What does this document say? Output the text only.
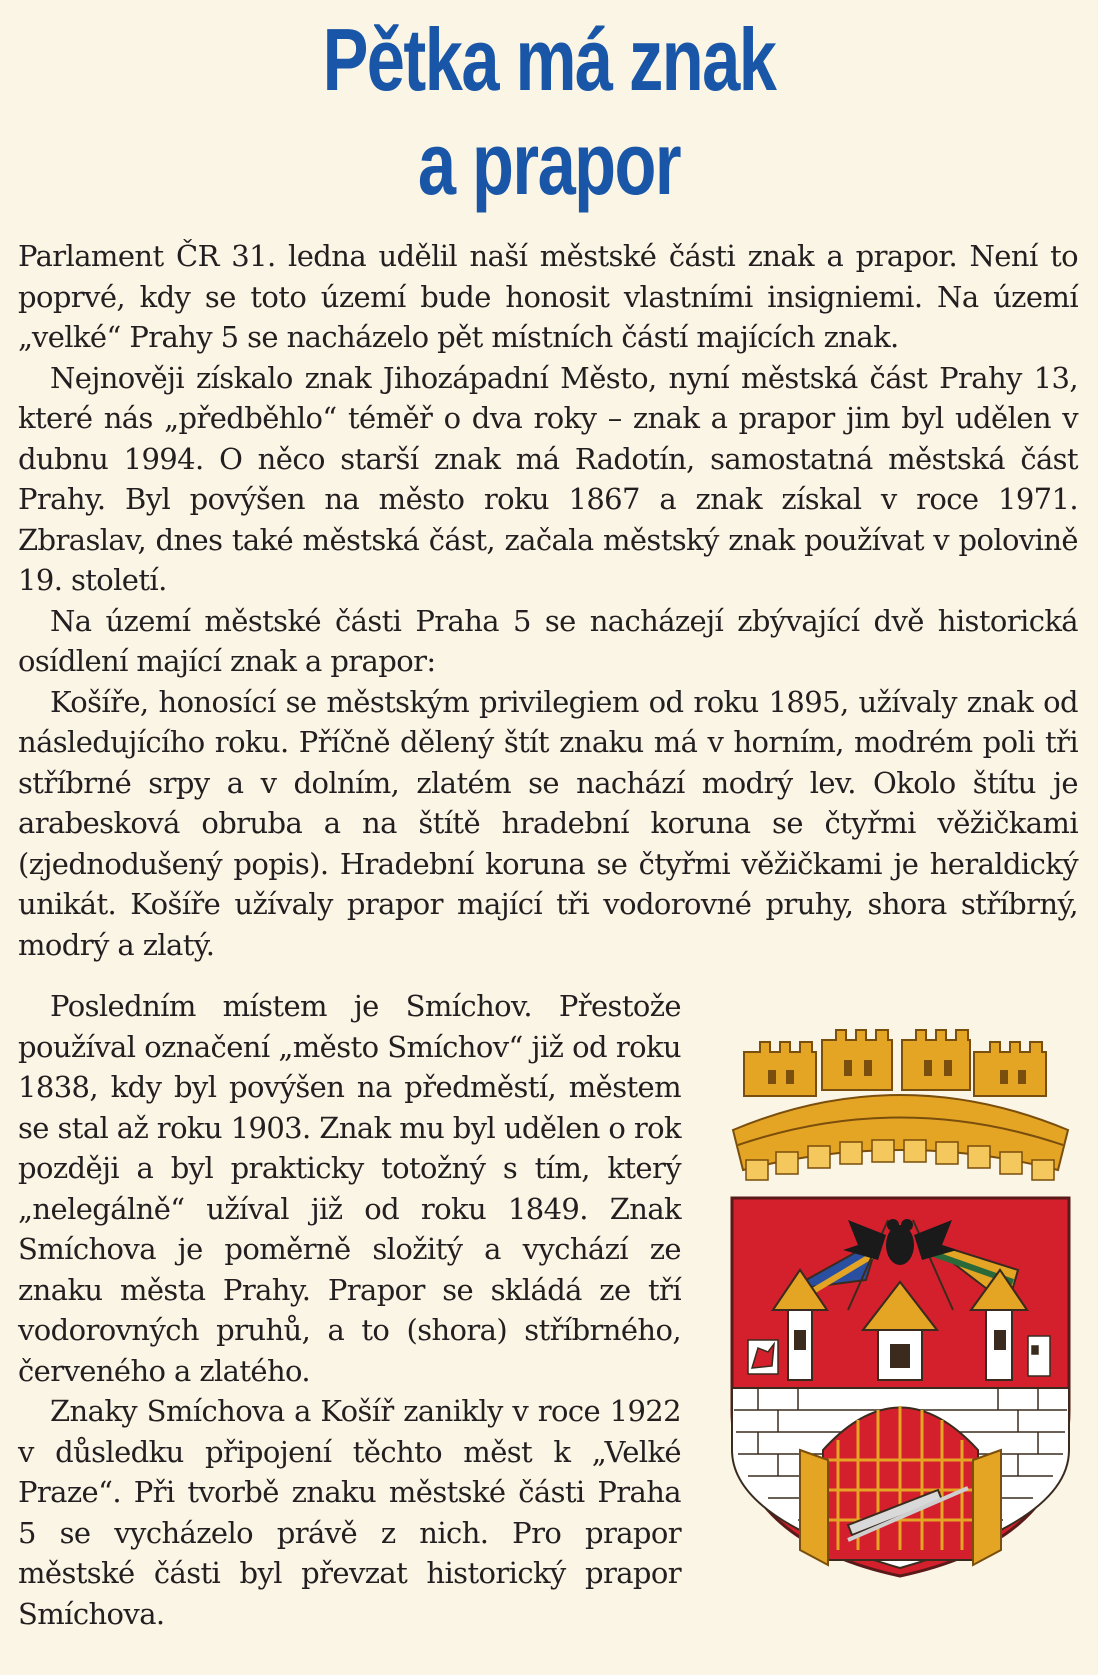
Pětka má znak
a prapor

Parlament ČR 31. ledna udělil naší městské části znak a prapor. Není to poprvé, kdy se toto území bude honosit vlastními insigniemi. Na území „velké“ Prahy 5 se nacházelo pět místních částí majících znak.

Nejnověji získalo znak Jihozápadní Město, nyní městská část Prahy 13, které nás „předběhlo“ téměř o dva roky – znak a prapor jim byl udělen v dubnu 1994. O něco starší znak má Radotín, samostatná městská část Prahy. Byl povýšen na město roku 1867 a znak získal v roce 1971. Zbraslav, dnes také městská část, začala městský znak používat v polovině 19. století.

Na území městské části Praha 5 se nacházejí zbývající dvě historická osídlení mající znak a prapor:

Košíře, honosící se městským privilegiem od roku 1895, užívaly znak od následujícího roku. Příčně dělený štít znaku má v horním, modrém poli tři stříbrné srpy a v dolním, zlatém se nachází modrý lev. Okolo štítu je arabesková obruba a na štítě hradební koruna se čtyřmi věžičkami (zjednodušený popis). Hradební koruna se čtyřmi věžičkami je heraldický unikát. Košíře užívaly prapor mající tři vodorovné pruhy, shora stříbrný, modrý a zlatý.

Posledním místem je Smíchov. Přestože používal označení „město Smíchov“ již od roku 1838, kdy byl povýšen na předměstí, městem se stal až roku 1903. Znak mu byl udělen o rok později a byl prakticky totožný s tím, který „nelegálně“ užíval již od roku 1849. Znak Smíchova je poměrně složitý a vychází ze znaku města Prahy. Prapor se skládá ze tří vodorovných pruhů, a to (shora) stříbrného, červeného a zlatého.

Znaky Smíchova a Košíř zanikly v roce 1922 v důsledku připojení těchto měst k „Velké Praze“. Při tvorbě znaku městské části Praha 5 se vycházelo právě z nich. Pro prapor městské části byl převzat historický prapor Smíchova.
